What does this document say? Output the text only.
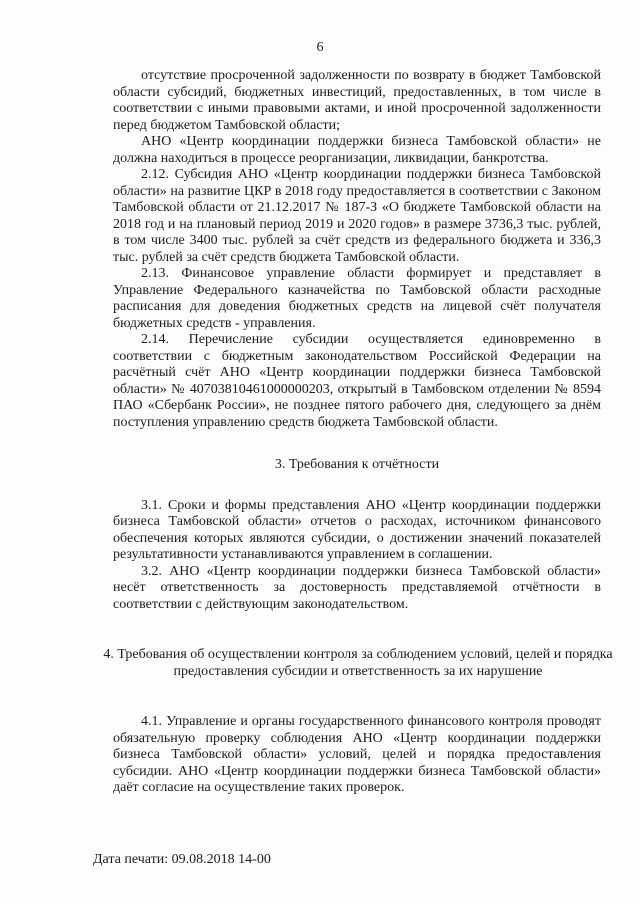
6

отсутствие просроченной задолженности по возврату в бюджет Тамбовской области субсидий, бюджетных инвестиций, предоставленных, в том числе в соответствии с иными правовыми актами, и иной просроченной задолженности перед бюджетом Тамбовской области;

АНО «Центр координации поддержки бизнеса Тамбовской области» не должна находиться в процессе реорганизации, ликвидации, банкротства.

2.12. Субсидия АНО «Центр координации поддержки бизнеса Тамбовской области» на развитие ЦКР в 2018 году предоставляется в соответствии с Законом Тамбовской области от 21.12.2017 № 187-З «О бюджете Тамбовской области на 2018 год и на плановый период 2019 и 2020 годов» в размере 3736,3 тыс. рублей, в том числе 3400 тыс. рублей за счёт средств из федерального бюджета и 336,3 тыс. рублей за счёт средств бюджета Тамбовской области.

2.13. Финансовое управление области формирует и представляет в Управление Федерального казначейства по Тамбовской области расходные расписания для доведения бюджетных средств на лицевой счёт получателя бюджетных средств - управления.

2.14. Перечисление субсидии осуществляется единовременно в соответствии с бюджетным законодательством Российской Федерации на расчётный счёт АНО «Центр координации поддержки бизнеса Тамбовской области» № 40703810461000000203, открытый в Тамбовском отделении № 8594 ПАО «Сбербанк России», не позднее пятого рабочего дня, следующего за днём поступления управлению средств бюджета Тамбовской области.

3. Требования к отчётности

3.1. Сроки и формы представления АНО «Центр координации поддержки бизнеса Тамбовской области» отчетов о расходах, источником финансового обеспечения которых являются субсидии, о достижении значений показателей результативности устанавливаются управлением в соглашении.

3.2. АНО «Центр координации поддержки бизнеса Тамбовской области» несёт ответственность за достоверность представляемой отчётности в соответствии с действующим законодательством.

4. Требования об осуществлении контроля за соблюдением условий, целей и порядка предоставления субсидии и ответственность за их нарушение

4.1. Управление и органы государственного финансового контроля проводят обязательную проверку соблюдения АНО «Центр координации поддержки бизнеса Тамбовской области» условий, целей и порядка предоставления субсидии. АНО «Центр координации поддержки бизнеса Тамбовской области» даёт согласие на осуществление таких проверок.

Дата печати: 09.08.2018 14-00
